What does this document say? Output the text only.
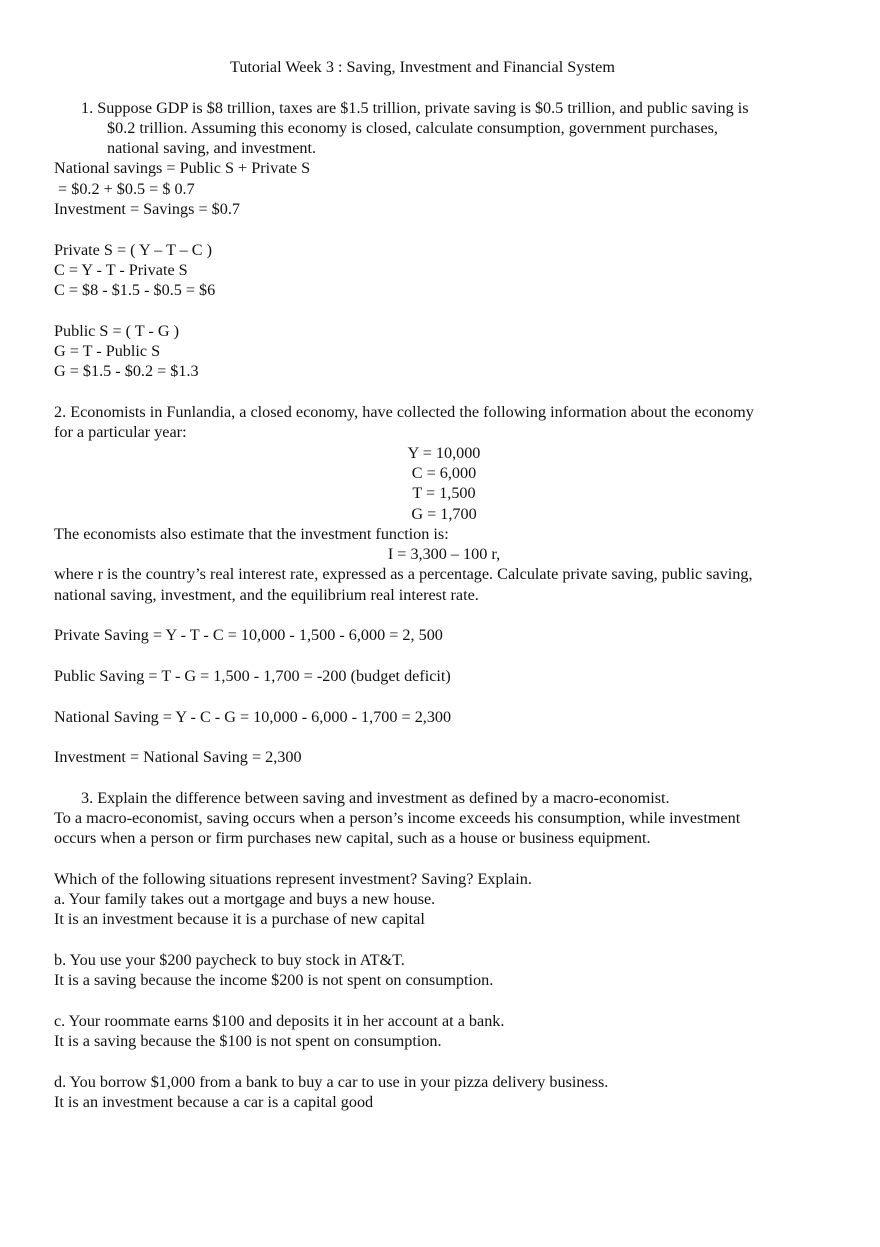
Tutorial Week 3 : Saving, Investment and Financial System
1. Suppose GDP is $8 trillion, taxes are $1.5 trillion, private saving is $0.5 trillion, and public saving is
$0.2 trillion. Assuming this economy is closed, calculate consumption, government purchases,
national saving, and investment.
National savings = Public S + Private S
= $0.2 + $0.5 = $ 0.7
Investment = Savings = $0.7
Private S = ( Y – T – C )
C = Y - T - Private S
C = $8 - $1.5 - $0.5 = $6
Public S = ( T - G )
G = T - Public S
G = $1.5 - $0.2 = $1.3
2. Economists in Funlandia, a closed economy, have collected the following information about the economy
for a particular year:
Y = 10,000
C = 6,000
T = 1,500
G = 1,700
The economists also estimate that the investment function is:
I = 3,300 – 100 r,
where r is the country’s real interest rate, expressed as a percentage. Calculate private saving, public saving,
national saving, investment, and the equilibrium real interest rate.
Private Saving = Y - T - C = 10,000 - 1,500 - 6,000 = 2, 500
Public Saving = T - G = 1,500 - 1,700 = -200 (budget deficit)
National Saving = Y - C - G = 10,000 - 6,000 - 1,700 = 2,300
Investment = National Saving = 2,300
3. Explain the difference between saving and investment as defined by a macro-economist.
To a macro-economist, saving occurs when a person’s income exceeds his consumption, while investment
occurs when a person or firm purchases new capital, such as a house or business equipment.
Which of the following situations represent investment? Saving? Explain.
a. Your family takes out a mortgage and buys a new house.
It is an investment because it is a purchase of new capital
b. You use your $200 paycheck to buy stock in AT&T.
It is a saving because the income $200 is not spent on consumption.
c. Your roommate earns $100 and deposits it in her account at a bank.
It is a saving because the $100 is not spent on consumption.
d. You borrow $1,000 from a bank to buy a car to use in your pizza delivery business.
It is an investment because a car is a capital good
